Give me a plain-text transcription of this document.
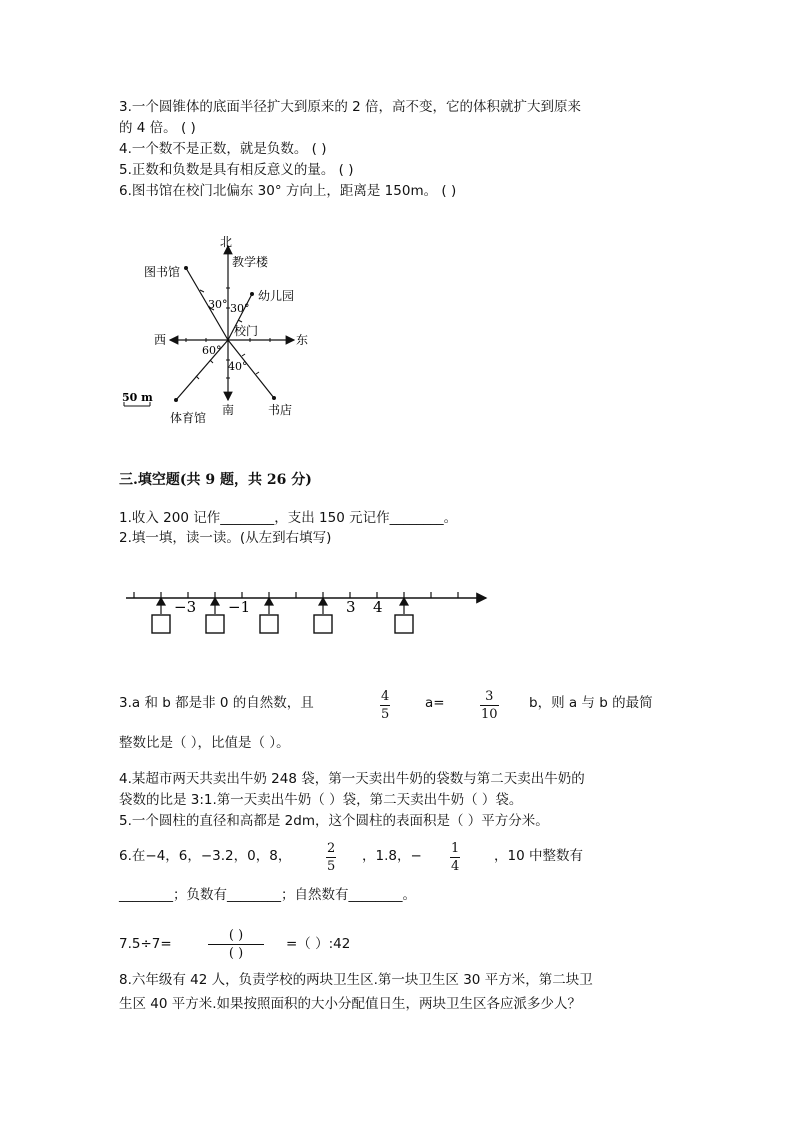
3.一个圆锥体的底面半径扩大到原来的 2 倍，高不变，它的体积就扩大到原来
的 4 倍。 ( )
4.一个数不是正数，就是负数。 ( )
5.正数和负数是具有相反意义的量。 ( )
6.图书馆在校门北偏东 30° 方向上，距离是 150m。 ( )
北
教学楼
图书馆
幼儿园
30° 30°
校门
西	东
60°
40°
50 m
南	书店
体育馆
三.填空题(共 9 题，共 26 分)
1.收入 200 记作________，支出 150 元记作________。
2.填一填，读一读。(从左到右填写)
−3 −1	3 4
3.a 和 b 都是非 0 的自然数，且	4
5
a=	3
10
b，则 a 与 b 的最简
整数比是（ ），比值是（ ）。
4.某超市两天共卖出牛奶 248 袋，第一天卖出牛奶的袋数与第二天卖出牛奶的
袋数的比是 3:1.第一天卖出牛奶（ ）袋，第二天卖出牛奶（ ）袋。
5.一个圆柱的直径和高都是 2dm，这个圆柱的表面积是（ ）平方分米。
6.在−4，6，−3.2，0，8，	2
5
，1.8，− 1
4
，10 中整数有
________；负数有________；自然数有________。
7.5÷7=
( )
( )
=（ ）:42
8.六年级有 42 人，负责学校的两块卫生区.第一块卫生区 30 平方米，第二块卫
生区 40 平方米.如果按照面积的大小分配值日生，两块卫生区各应派多少人？
